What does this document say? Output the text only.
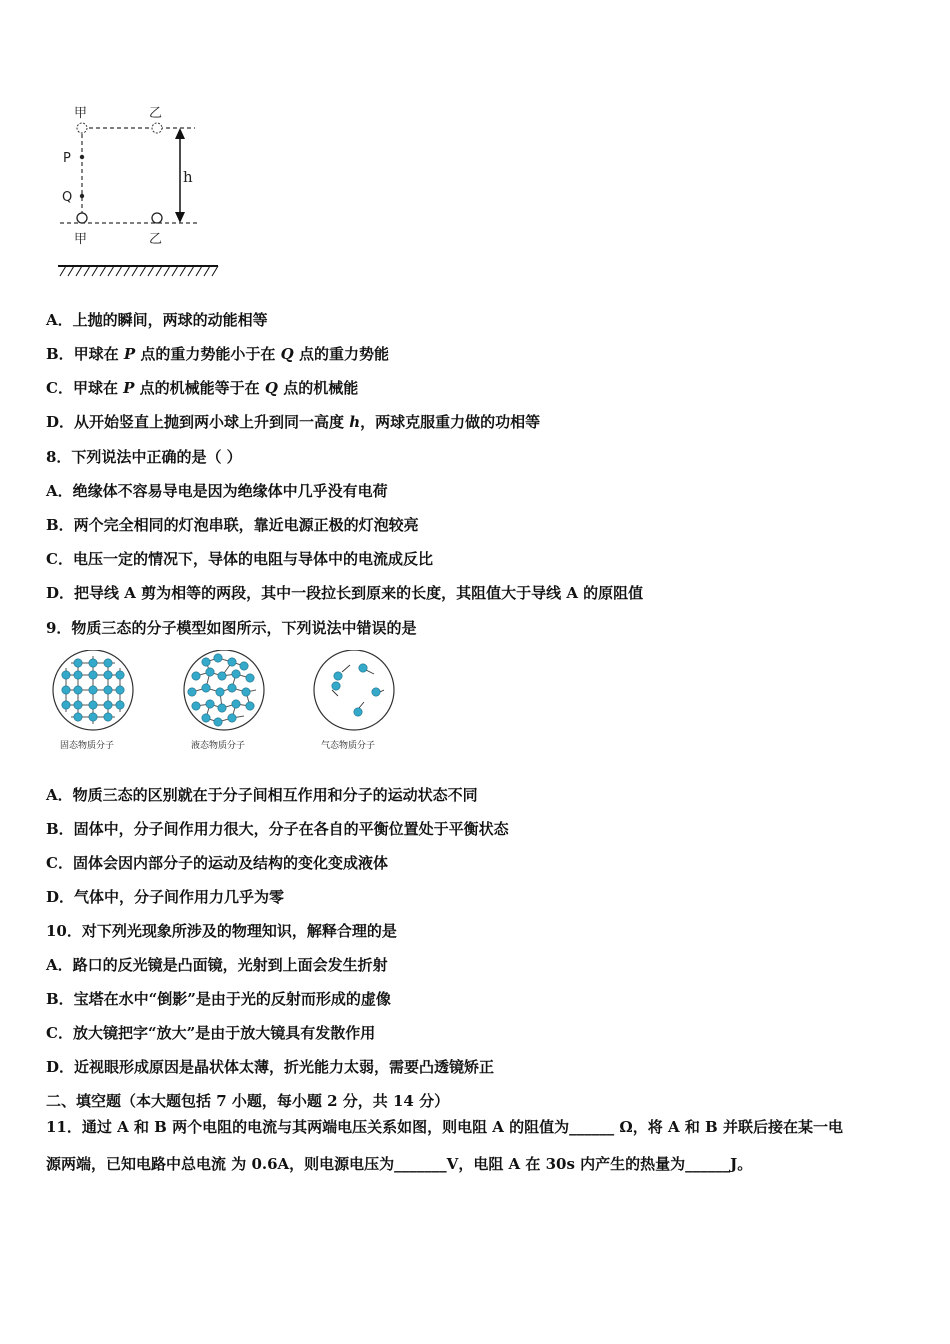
甲	乙
P
Q
甲	乙
h
A．上抛的瞬间，两球的动能相等
B．甲球在 P 点的重力势能小于在 Q 点的重力势能
C．甲球在 P 点的机械能等于在 Q 点的机械能
D．从开始竖直上抛到两小球上升到同一高度 h，两球克服重力做的功相等
8．下列说法中正确的是（ ）
A．绝缘体不容易导电是因为绝缘体中几乎没有电荷
B．两个完全相同的灯泡串联，靠近电源正极的灯泡较亮
C．电压一定的情况下，导体的电阻与导体中的电流成反比
D．把导线 A 剪为相等的两段，其中一段拉长到原来的长度，其阻值大于导线 A 的原阻值
9．物质三态的分子模型如图所示，下列说法中错误的是
固态物质分子	液态物质分子	气态物质分子
A．物质三态的区别就在于分子间相互作用和分子的运动状态不同
B．固体中，分子间作用力很大，分子在各自的平衡位置处于平衡状态
C．固体会因内部分子的运动及结构的变化变成液体
D．气体中，分子间作用力几乎为零
10．对下列光现象所涉及的物理知识，解释合理的是
A．路口的反光镜是凸面镜，光射到上面会发生折射
B．宝塔在水中“倒影”是由于光的反射而形成的虚像
C．放大镜把字“放大”是由于放大镜具有发散作用
D．近视眼形成原因是晶状体太薄，折光能力太弱，需要凸透镜矫正
二、填空题（本大题包括 7 小题，每小题 2 分，共 14 分）
11．通过 A 和 B 两个电阻的电流与其两端电压关系如图，则电阻 A 的阻值为______ Ω，将 A 和 B 并联后接在某一电
源两端，已知电路中总电流 为 0.6A，则电源电压为_______V，电阻 A 在 30s 内产生的热量为______J。
